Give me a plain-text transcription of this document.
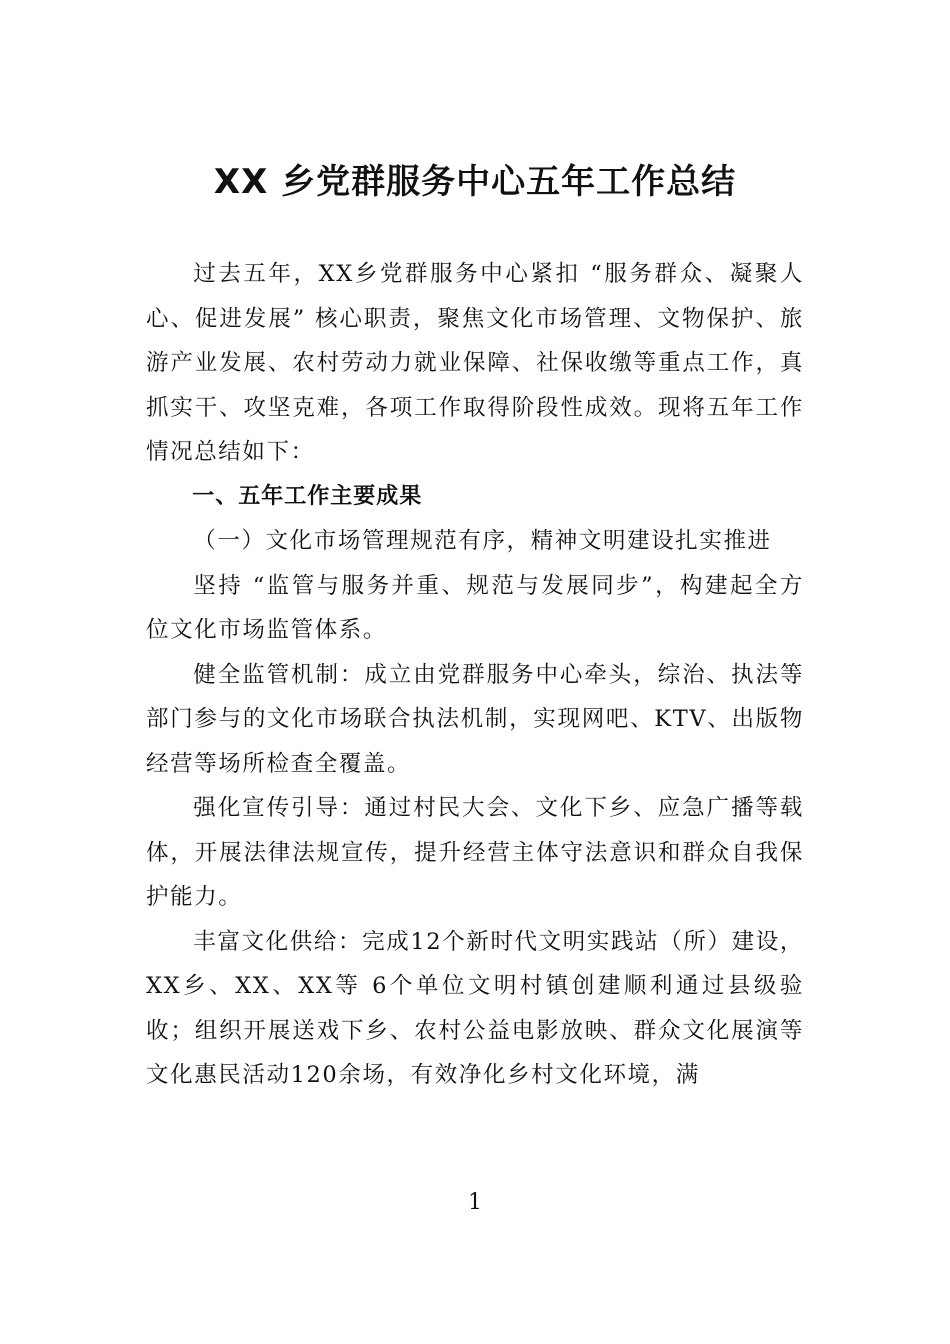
XX 乡党群服务中心五年工作总结

过去五年，XX乡党群服务中心紧扣 “服务群众、凝聚人心、促进发展” 核心职责，聚焦文化市场管理、文物保护、旅游产业发展、农村劳动力就业保障、社保收缴等重点工作，真抓实干、攻坚克难，各项工作取得阶段性成效。现将五年工作情况总结如下：

一、五年工作主要成果

（一）文化市场管理规范有序，精神文明建设扎实推进

坚持 “监管与服务并重、规范与发展同步”，构建起全方位文化市场监管体系。

健全监管机制：成立由党群服务中心牵头，综治、执法等部门参与的文化市场联合执法机制，实现网吧、KTV、出版物经营等场所检查全覆盖。

强化宣传引导：通过村民大会、文化下乡、应急广播等载体，开展法律法规宣传，提升经营主体守法意识和群众自我保护能力。

丰富文化供给：完成12个新时代文明实践站（所）建设，XX乡、XX、XX等 6个单位文明村镇创建顺利通过县级验收；组织开展送戏下乡、农村公益电影放映、群众文化展演等文化惠民活动120余场，有效净化乡村文化环境，满

1
